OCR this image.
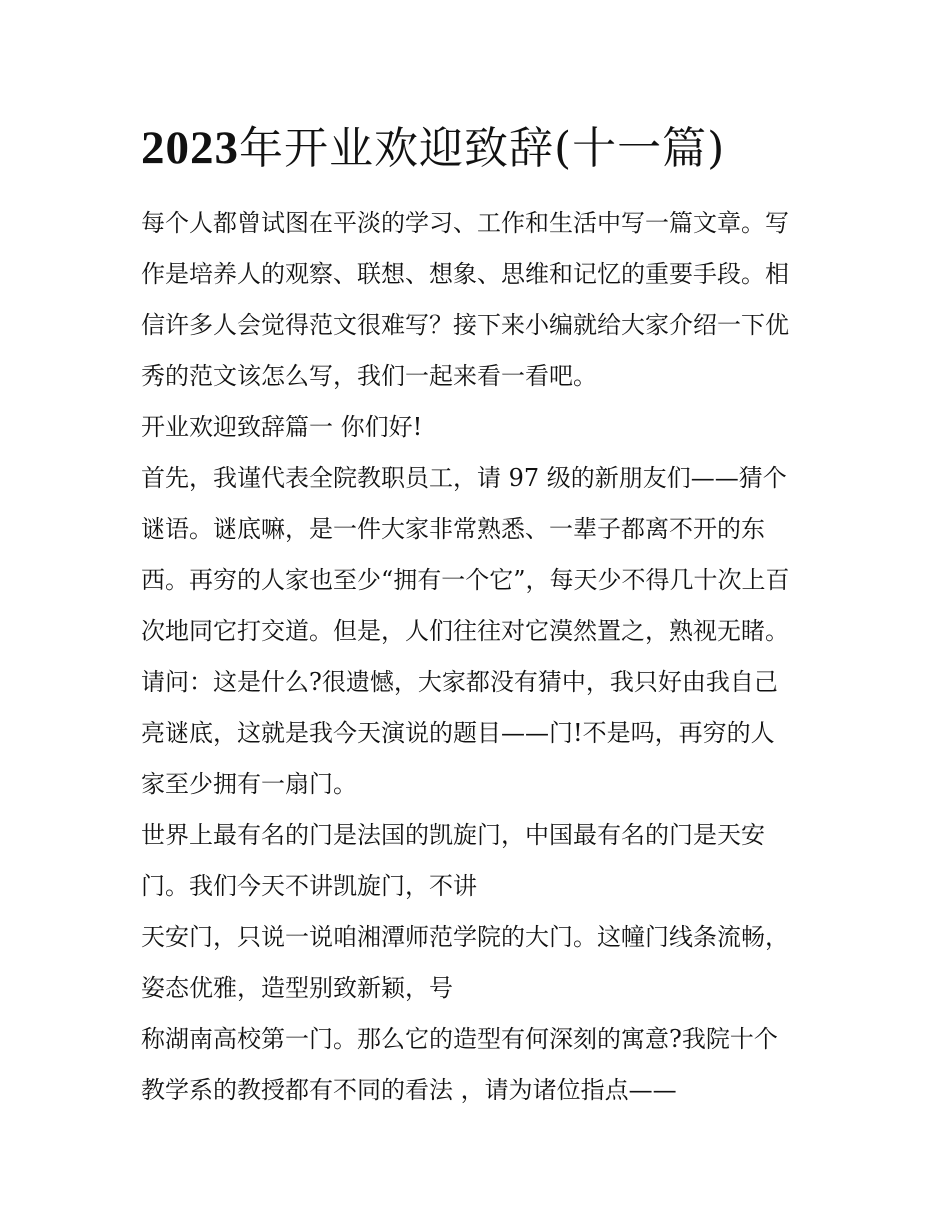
2023年开业欢迎致辞(十一篇)
每个人都曾试图在平淡的学习、工作和生活中写一篇文章。写
作是培养人的观察、联想、想象、思维和记忆的重要手段。相
信许多人会觉得范文很难写？接下来小编就给大家介绍一下优
秀的范文该怎么写，我们一起来看一看吧。
开业欢迎致辞篇一 你们好!
首先，我谨代表全院教职员工，请 97 级的新朋友们——猜个
谜语。谜底嘛，是一件大家非常熟悉、一辈子都离不开的东
西。再穷的人家也至少“拥有一个它”，每天少不得几十次上百
次地同它打交道。但是，人们往往对它漠然置之，熟视无睹。
请问：这是什么?很遗憾，大家都没有猜中，我只好由我自己
亮谜底，这就是我今天演说的题目——门!不是吗，再穷的人
家至少拥有一扇门。
世界上最有名的门是法国的凯旋门，中国最有名的门是天安
门。我们今天不讲凯旋门，不讲
天安门，只说一说咱湘潭师范学院的大门。这幢门线条流畅，
姿态优雅，造型别致新颖，号
称湖南高校第一门。那么它的造型有何深刻的寓意?我院十个
教学系的教授都有不同的看法 ，请为诸位指点——
